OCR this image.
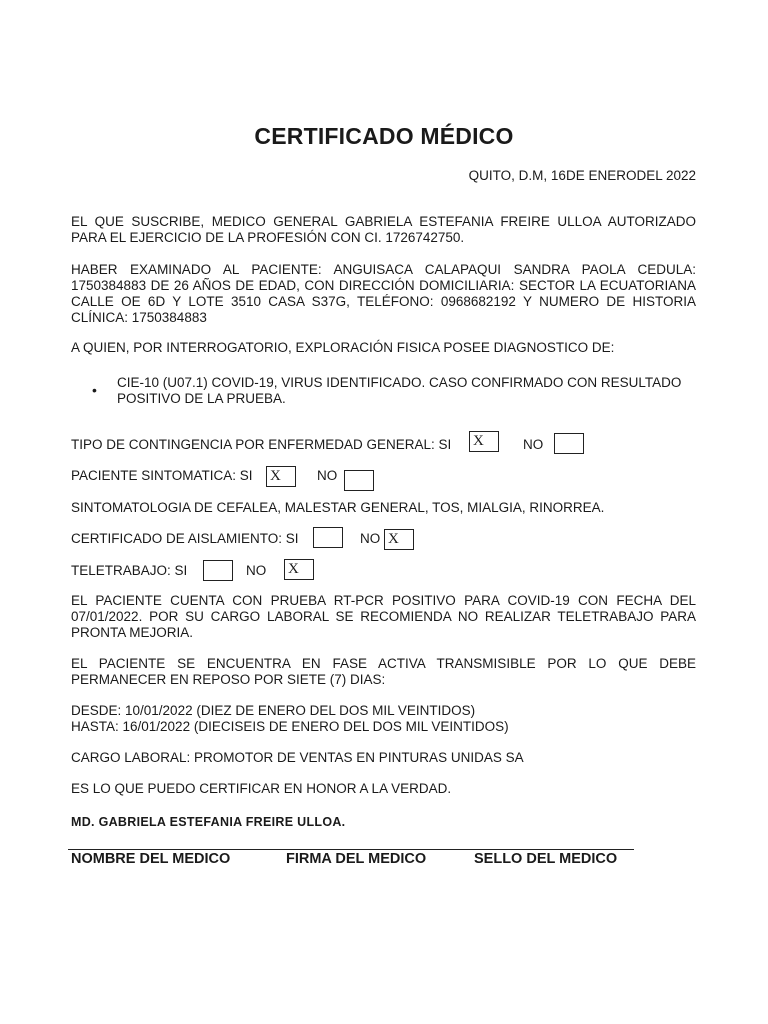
CERTIFICADO MÉDICO
QUITO, D.M, 16DE ENERODEL 2022
EL QUE SUSCRIBE, MEDICO GENERAL GABRIELA ESTEFANIA FREIRE ULLOA AUTORIZADO PARA EL EJERCICIO DE LA PROFESIÓN CON CI. 1726742750.
HABER EXAMINADO AL PACIENTE: ANGUISACA CALAPAQUI SANDRA PAOLA CEDULA: 1750384883 DE 26 AÑOS DE EDAD, CON DIRECCIÓN DOMICILIARIA: SECTOR LA ECUATORIANA CALLE OE 6D Y LOTE 3510 CASA S37G, TELÉFONO: 0968682192 Y NUMERO DE HISTORIA CLÍNICA: 1750384883
A QUIEN, POR INTERROGATORIO, EXPLORACIÓN FISICA POSEE DIAGNOSTICO DE:
• CIE-10 (U07.1) COVID-19, VIRUS IDENTIFICADO. CASO CONFIRMADO CON RESULTADO POSITIVO DE LA PRUEBA.
TIPO DE CONTINGENCIA POR ENFERMEDAD GENERAL: SI X	NO
PACIENTE SINTOMATICA: SI X	NO
SINTOMATOLOGIA DE CEFALEA, MALESTAR GENERAL, TOS, MIALGIA, RINORREA.
CERTIFICADO DE AISLAMIENTO: SI	NO X
TELETRABAJO: SI	NO X
EL PACIENTE CUENTA CON PRUEBA RT-PCR POSITIVO PARA COVID-19 CON FECHA DEL 07/01/2022. POR SU CARGO LABORAL SE RECOMIENDA NO REALIZAR TELETRABAJO PARA PRONTA MEJORIA.
EL PACIENTE SE ENCUENTRA EN FASE ACTIVA TRANSMISIBLE POR LO QUE DEBE PERMANECER EN REPOSO POR SIETE (7) DIAS:
DESDE: 10/01/2022 (DIEZ DE ENERO DEL DOS MIL VEINTIDOS)
HASTA: 16/01/2022 (DIECISEIS DE ENERO DEL DOS MIL VEINTIDOS)
CARGO LABORAL: PROMOTOR DE VENTAS EN PINTURAS UNIDAS SA
ES LO QUE PUEDO CERTIFICAR EN HONOR A LA VERDAD.
MD. GABRIELA ESTEFANIA FREIRE ULLOA.
NOMBRE DEL MEDICO	FIRMA DEL MEDICO	SELLO DEL MEDICO
